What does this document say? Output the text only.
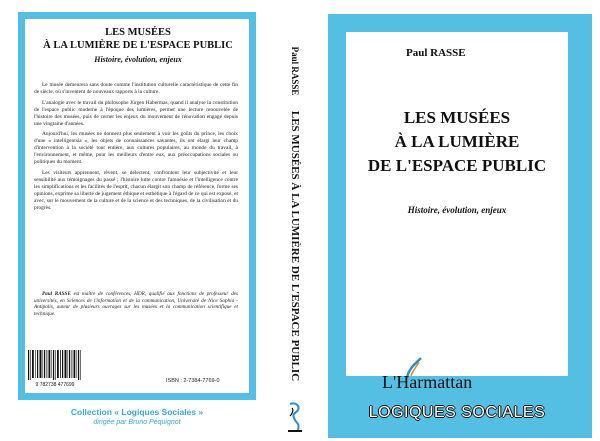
LES MUSÉES
À LA LUMIÈRE DE L'ESPACE PUBLIC
Histoire, évolution, enjeux

Le musée demeurera sans doute comme l'institution culturelle caractéristique de cette fin de siècle, où s'inventent de nouveaux rapports à la culture.

L'analogie avec le travail du philosophe Jürgen Habermas, quand il analyse la constitution de l'espace public moderne à l'époque des lumières, permet une lecture renouvelée de l'histoire des musées, puis de cerner les enjeux du mouvement de rénovation engagé depuis une vingtaine d'années.

Aujourd'hui, les musées ne donnent plus seulement à voir les goûts du prince, les choix d'une « intelligentsia », les objets de connaissances savantes, ils ont élargi leur champ d'intervention à la société tout entière, aux cultures populaires, au monde du travail, à l'environnement, et même, pour les meilleurs d'entre eux, aux préoccupations sociales ou politiques du moment.

Les visiteurs apprennent, rêvent, se délectent, confrontent leur subjectivité et leur sensibilité aux témoignages du passé ; l'histoire lutte contre l'amnésie et l'intelligence contre les simplifications et les facilités de l'esprit, chacun élargit son champ de référence, forme ses opinions, exprime sa liberté de jugement éthique et esthétique à l'égard de ce qui est exposé, et avec, sur le mouvement de la culture et de la science et des techniques, de la civilisation et du progrès.

Paul RASSE est maître de conférences, HDR, qualifié aux fonctions de professeur des universités, en Sciences de l'information et de la communication, Université de Nice Sophia - Antipolis, auteur de plusieurs ouvrages sur les musées et la communication scientifique et technique.
9 782738 477699
ISBN : 2-7384-7769-0
Collection « Logiques Sociales »
dirigée par Bruno Péquignot
Paul RASSE
LES MUSÉES À LA LUMIÈRE DE L'ESPACE PUBLIC
Paul RASSE
LES MUSÉES
À LA LUMIÈRE
DE L'ESPACE PUBLIC
Histoire, évolution, enjeux
L'Harmattan
LOGIQUES SOCIALES
